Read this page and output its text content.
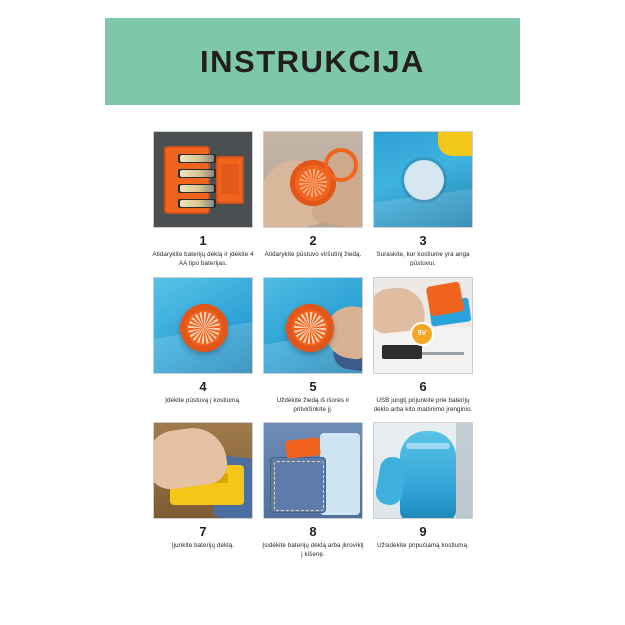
INSTRUKCIJA
1
Atidarykite baterijų dėklą ir įdėkite 4 AA tipo baterijas.
2
Atidarykite pūstuvo viršutinį žiedą.
3
Suraskite, kur kostiume yra anga pūstuvui.
4
Įdėkite pūstuvą į kostiumą.
5
Uždėkite žiedą iš išorės ir pritvirtinkite jį.
5V
6
USB jungtį prijunkite prie baterijų dėklo arba kito maitinimo įrenginio.
7
Įjunkite baterijų dėklą.
8
Įsidėkite baterijų dėklą arba įkroviklį į kišenę.
9
Užsidėkite pripučiamą kostiumą.
